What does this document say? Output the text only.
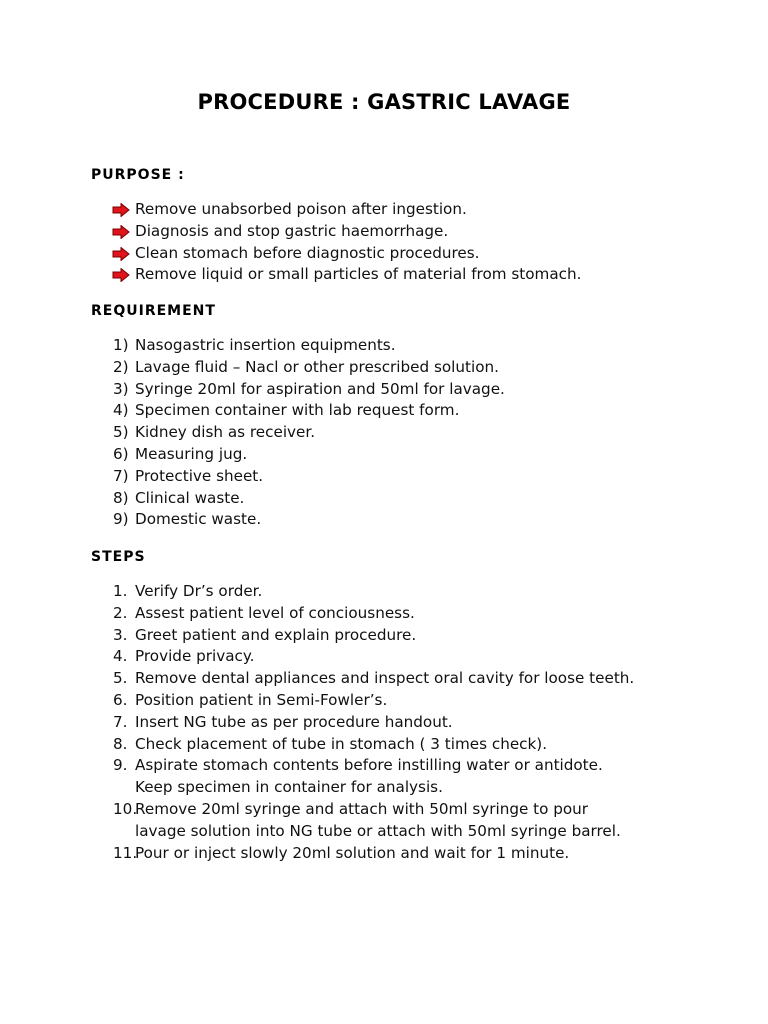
PROCEDURE : GASTRIC LAVAGE
PURPOSE :
Remove unabsorbed poison after ingestion.
Diagnosis and stop gastric haemorrhage.
Clean stomach before diagnostic procedures.
Remove liquid or small particles of material from stomach.
REQUIREMENT
1) Nasogastric insertion equipments.
2) Lavage fluid – Nacl or other prescribed solution.
3) Syringe 20ml for aspiration and 50ml for lavage.
4) Specimen container with lab request form.
5) Kidney dish as receiver.
6) Measuring jug.
7) Protective sheet.
8) Clinical waste.
9) Domestic waste.
STEPS
1. Verify Dr’s order.
2. Assest patient level of conciousness.
3. Greet patient and explain procedure.
4. Provide privacy.
5. Remove dental appliances and inspect oral cavity for loose teeth.
6. Position patient in Semi-Fowler’s.
7. Insert NG tube as per procedure handout.
8. Check placement of tube in stomach ( 3 times check).
9. Aspirate stomach contents before instilling water or antidote.
Keep specimen in container for analysis.
10.
Remove 20ml syringe and attach with 50ml syringe to pour
lavage solution into NG tube or attach with 50ml syringe barrel.
11.
Pour or inject slowly 20ml solution and wait for 1 minute.
